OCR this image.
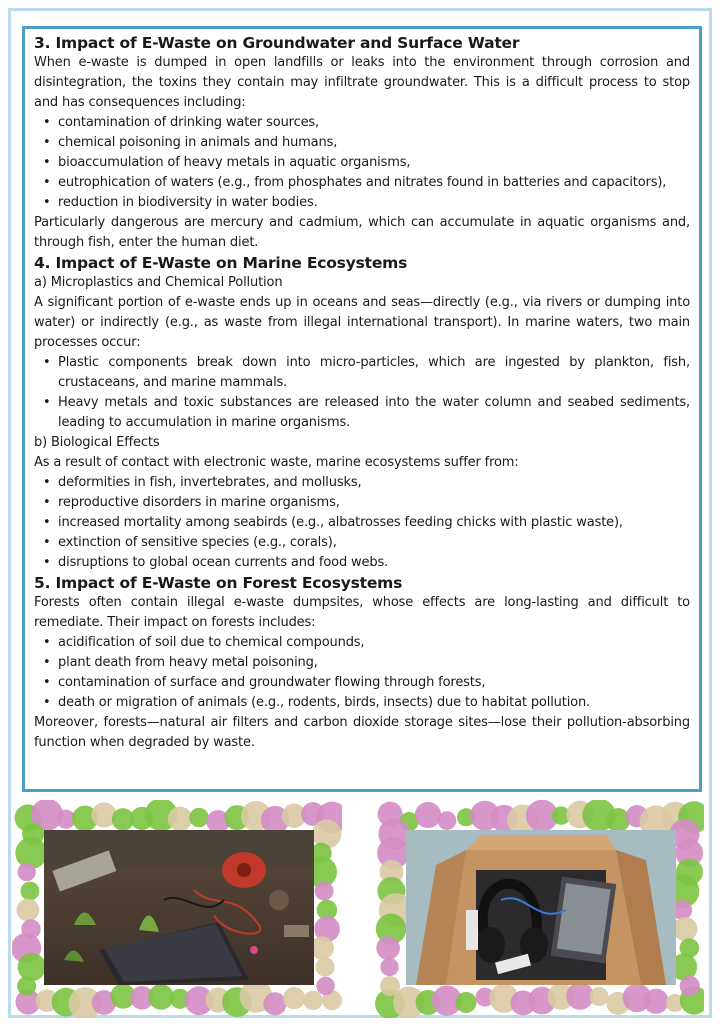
3. Impact of E-Waste on Groundwater and Surface Water

When e-waste is dumped in open landfills or leaks into the environment through corrosion and disintegration, the toxins they contain may infiltrate groundwater. This is a difficult process to stop and has consequences including:

• contamination of drinking water sources,
• chemical poisoning in animals and humans,
• bioaccumulation of heavy metals in aquatic organisms,
• eutrophication of waters (e.g., from phosphates and nitrates found in batteries and capacitors),
• reduction in biodiversity in water bodies.

Particularly dangerous are mercury and cadmium, which can accumulate in aquatic organisms and, through fish, enter the human diet.

4. Impact of E-Waste on Marine Ecosystems

a) Microplastics and Chemical Pollution

A significant portion of e-waste ends up in oceans and seas—directly (e.g., via rivers or dumping into water) or indirectly (e.g., as waste from illegal international transport). In marine waters, two main processes occur:

• Plastic components break down into micro-particles, which are ingested by plankton, fish, crustaceans, and marine mammals.
• Heavy metals and toxic substances are released into the water column and seabed sediments, leading to accumulation in marine organisms.

b) Biological Effects

As a result of contact with electronic waste, marine ecosystems suffer from:

• deformities in fish, invertebrates, and mollusks,
• reproductive disorders in marine organisms,
• increased mortality among seabirds (e.g., albatrosses feeding chicks with plastic waste),
• extinction of sensitive species (e.g., corals),
• disruptions to global ocean currents and food webs.
5. Impact of E-Waste on Forest Ecosystems

Forests often contain illegal e-waste dumpsites, whose effects are long-lasting and difficult to remediate. Their impact on forests includes:

• acidification of soil due to chemical compounds,
• plant death from heavy metal poisoning,
• contamination of surface and groundwater flowing through forests,
• death or migration of animals (e.g., rodents, birds, insects) due to habitat pollution.

Moreover, forests—natural air filters and carbon dioxide storage sites—lose their pollution-absorbing function when degraded by waste.
